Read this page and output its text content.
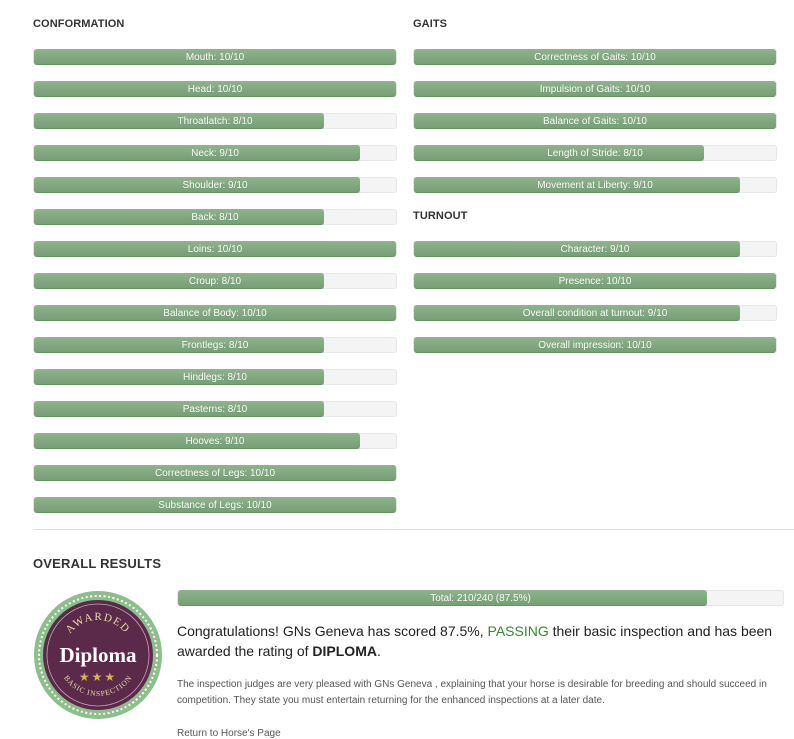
CONFORMATION
Mouth: 10/10
Head: 10/10
Throatlatch: 8/10
Neck: 9/10
Shoulder: 9/10
Back: 8/10
Loins: 10/10
Croup: 8/10
Balance of Body: 10/10
Frontlegs: 8/10
Hindlegs: 8/10
Pasterns: 8/10
Hooves: 9/10
Correctness of Legs: 10/10
Substance of Legs: 10/10
GAITS
Correctness of Gaits: 10/10
Impulsion of Gaits: 10/10
Balance of Gaits: 10/10
Length of Stride: 8/10
Movement at Liberty: 9/10
TURNOUT
Character: 9/10
Presence: 10/10
Overall condition at turnout: 9/10
Overall impression: 10/10
OVERALL RESULTS
Total: 210/240 (87.5%)
AWARDED
Diploma
★★★
BASIC INSPECTION

Congratulations! GNs Geneva has scored 87.5%, PASSING their basic inspection and has been awarded the rating of DIPLOMA.

The inspection judges are very pleased with GNs Geneva , explaining that your horse is desirable for breeding and should succeed in competition. They state you must entertain returning for the enhanced inspections at a later date.

Return to Horse's Page
